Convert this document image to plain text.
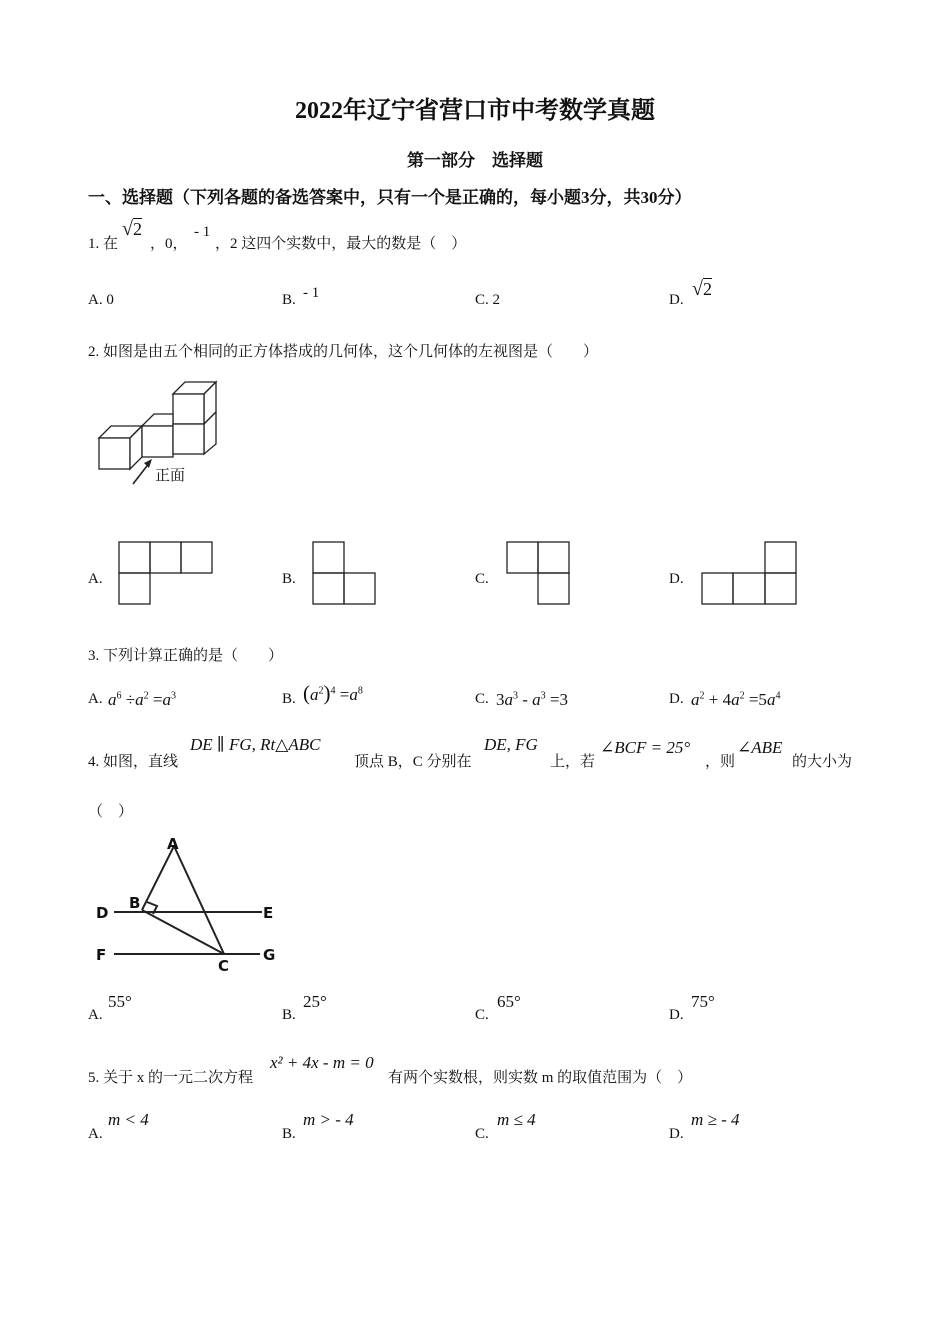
2022年辽宁省营口市中考数学真题
第一部分　选择题
一、选择题（下列各题的备选答案中，只有一个是正确的，每小题3分，共30分）
1. 在
√2
，0，
- 1
，2 这四个实数中，最大的数是（　）
A. 0	B. - 1	C. 2	D. √2
2. 如图是由五个相同的正方体搭成的几何体，这个几何体的左视图是（　　）
正面
A.	B.	C.	D.
3. 下列计算正确的是（　　）
A. $a^6 \div a^2 =a^3$	B. $(a^2)^4 =a^8$
C. $3a^3 - a^3 =3$	D. $a^2 + 4a^2 =5a^4$
4. 如图，直线
DE ∥ FG, Rt△ABC
顶点 B，C 分别在
DE, FG
上，若
∠BCF = 25°
，则
∠ABE
的大小为
（　）
A
B
D	E
F
C
G
A.
55°
B.
25°
C.
65°
D.
75°
5. 关于 x 的一元二次方程
x² + 4x - m = 0
有两个实数根，则实数 m 的取值范围为（　）
A.
m < 4
B.
m > - 4
C.
m ≤ 4
D.
m ≥ - 4
